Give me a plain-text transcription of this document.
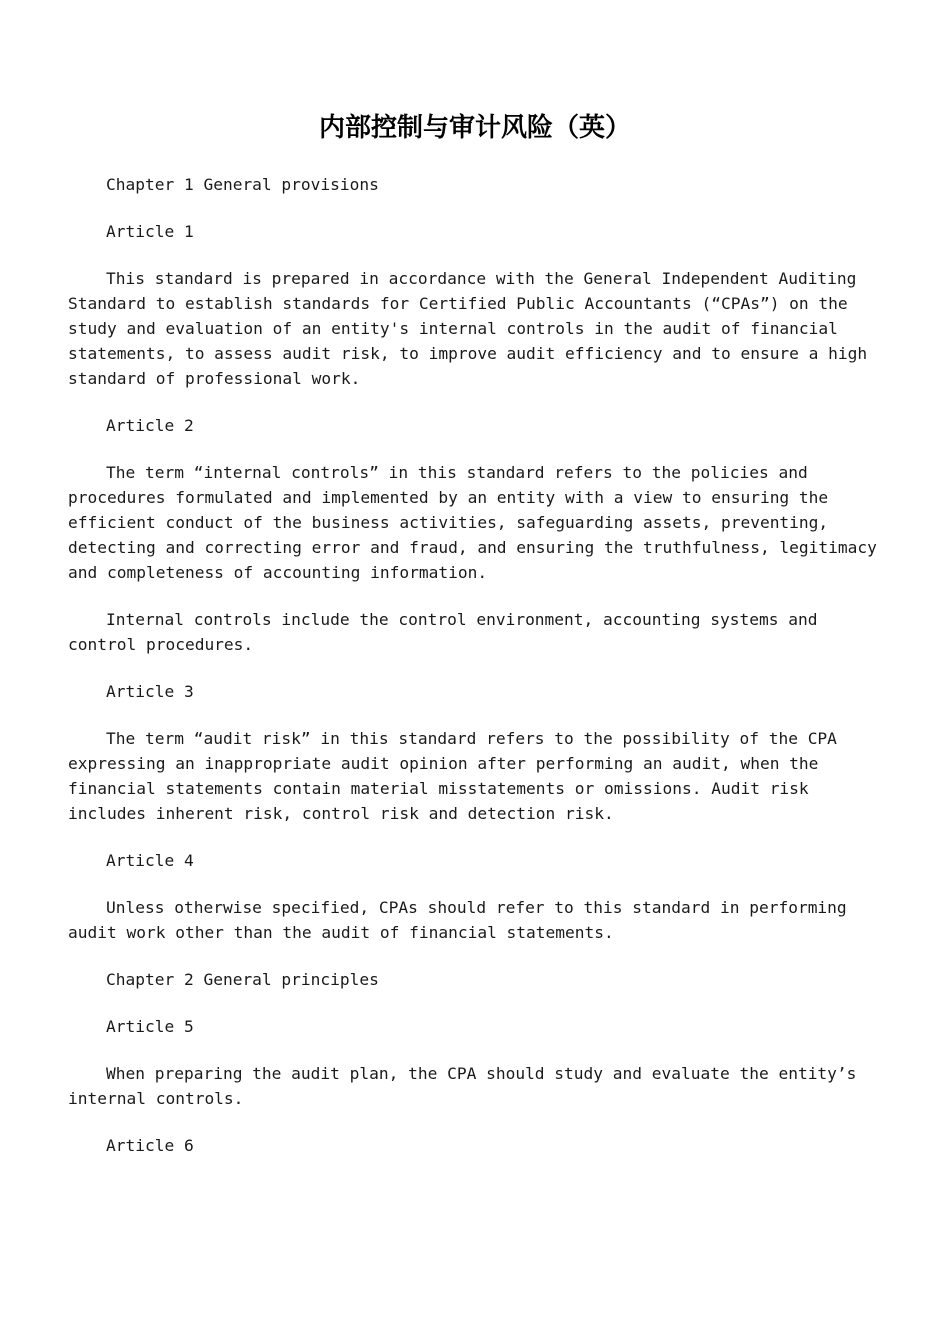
内部控制与审计风险（英）

Chapter 1 General provisions

Article 1

This standard is prepared in accordance with the General Independent Auditing Standard to establish standards for Certified Public Accountants (“CPAs”) on the study and evaluation of an entity's internal controls in the audit of financial statements, to assess audit risk, to improve audit efficiency and to ensure a high standard of professional work.

Article 2

The term “internal controls” in this standard refers to the policies and procedures formulated and implemented by an entity with a view to ensuring the efficient conduct of the business activities, safeguarding assets, preventing, detecting and correcting error and fraud, and ensuring the truthfulness, legitimacy and completeness of accounting information.

Internal controls include the control environment, accounting systems and control procedures.

Article 3

The term “audit risk” in this standard refers to the possibility of the CPA expressing an inappropriate audit opinion after performing an audit, when the financial statements contain material misstatements or omissions. Audit risk includes inherent risk, control risk and detection risk.

Article 4

Unless otherwise specified, CPAs should refer to this standard in performing audit work other than the audit of financial statements.

Chapter 2 General principles

Article 5

When preparing the audit plan, the CPA should study and evaluate the entity’s internal controls.

Article 6
